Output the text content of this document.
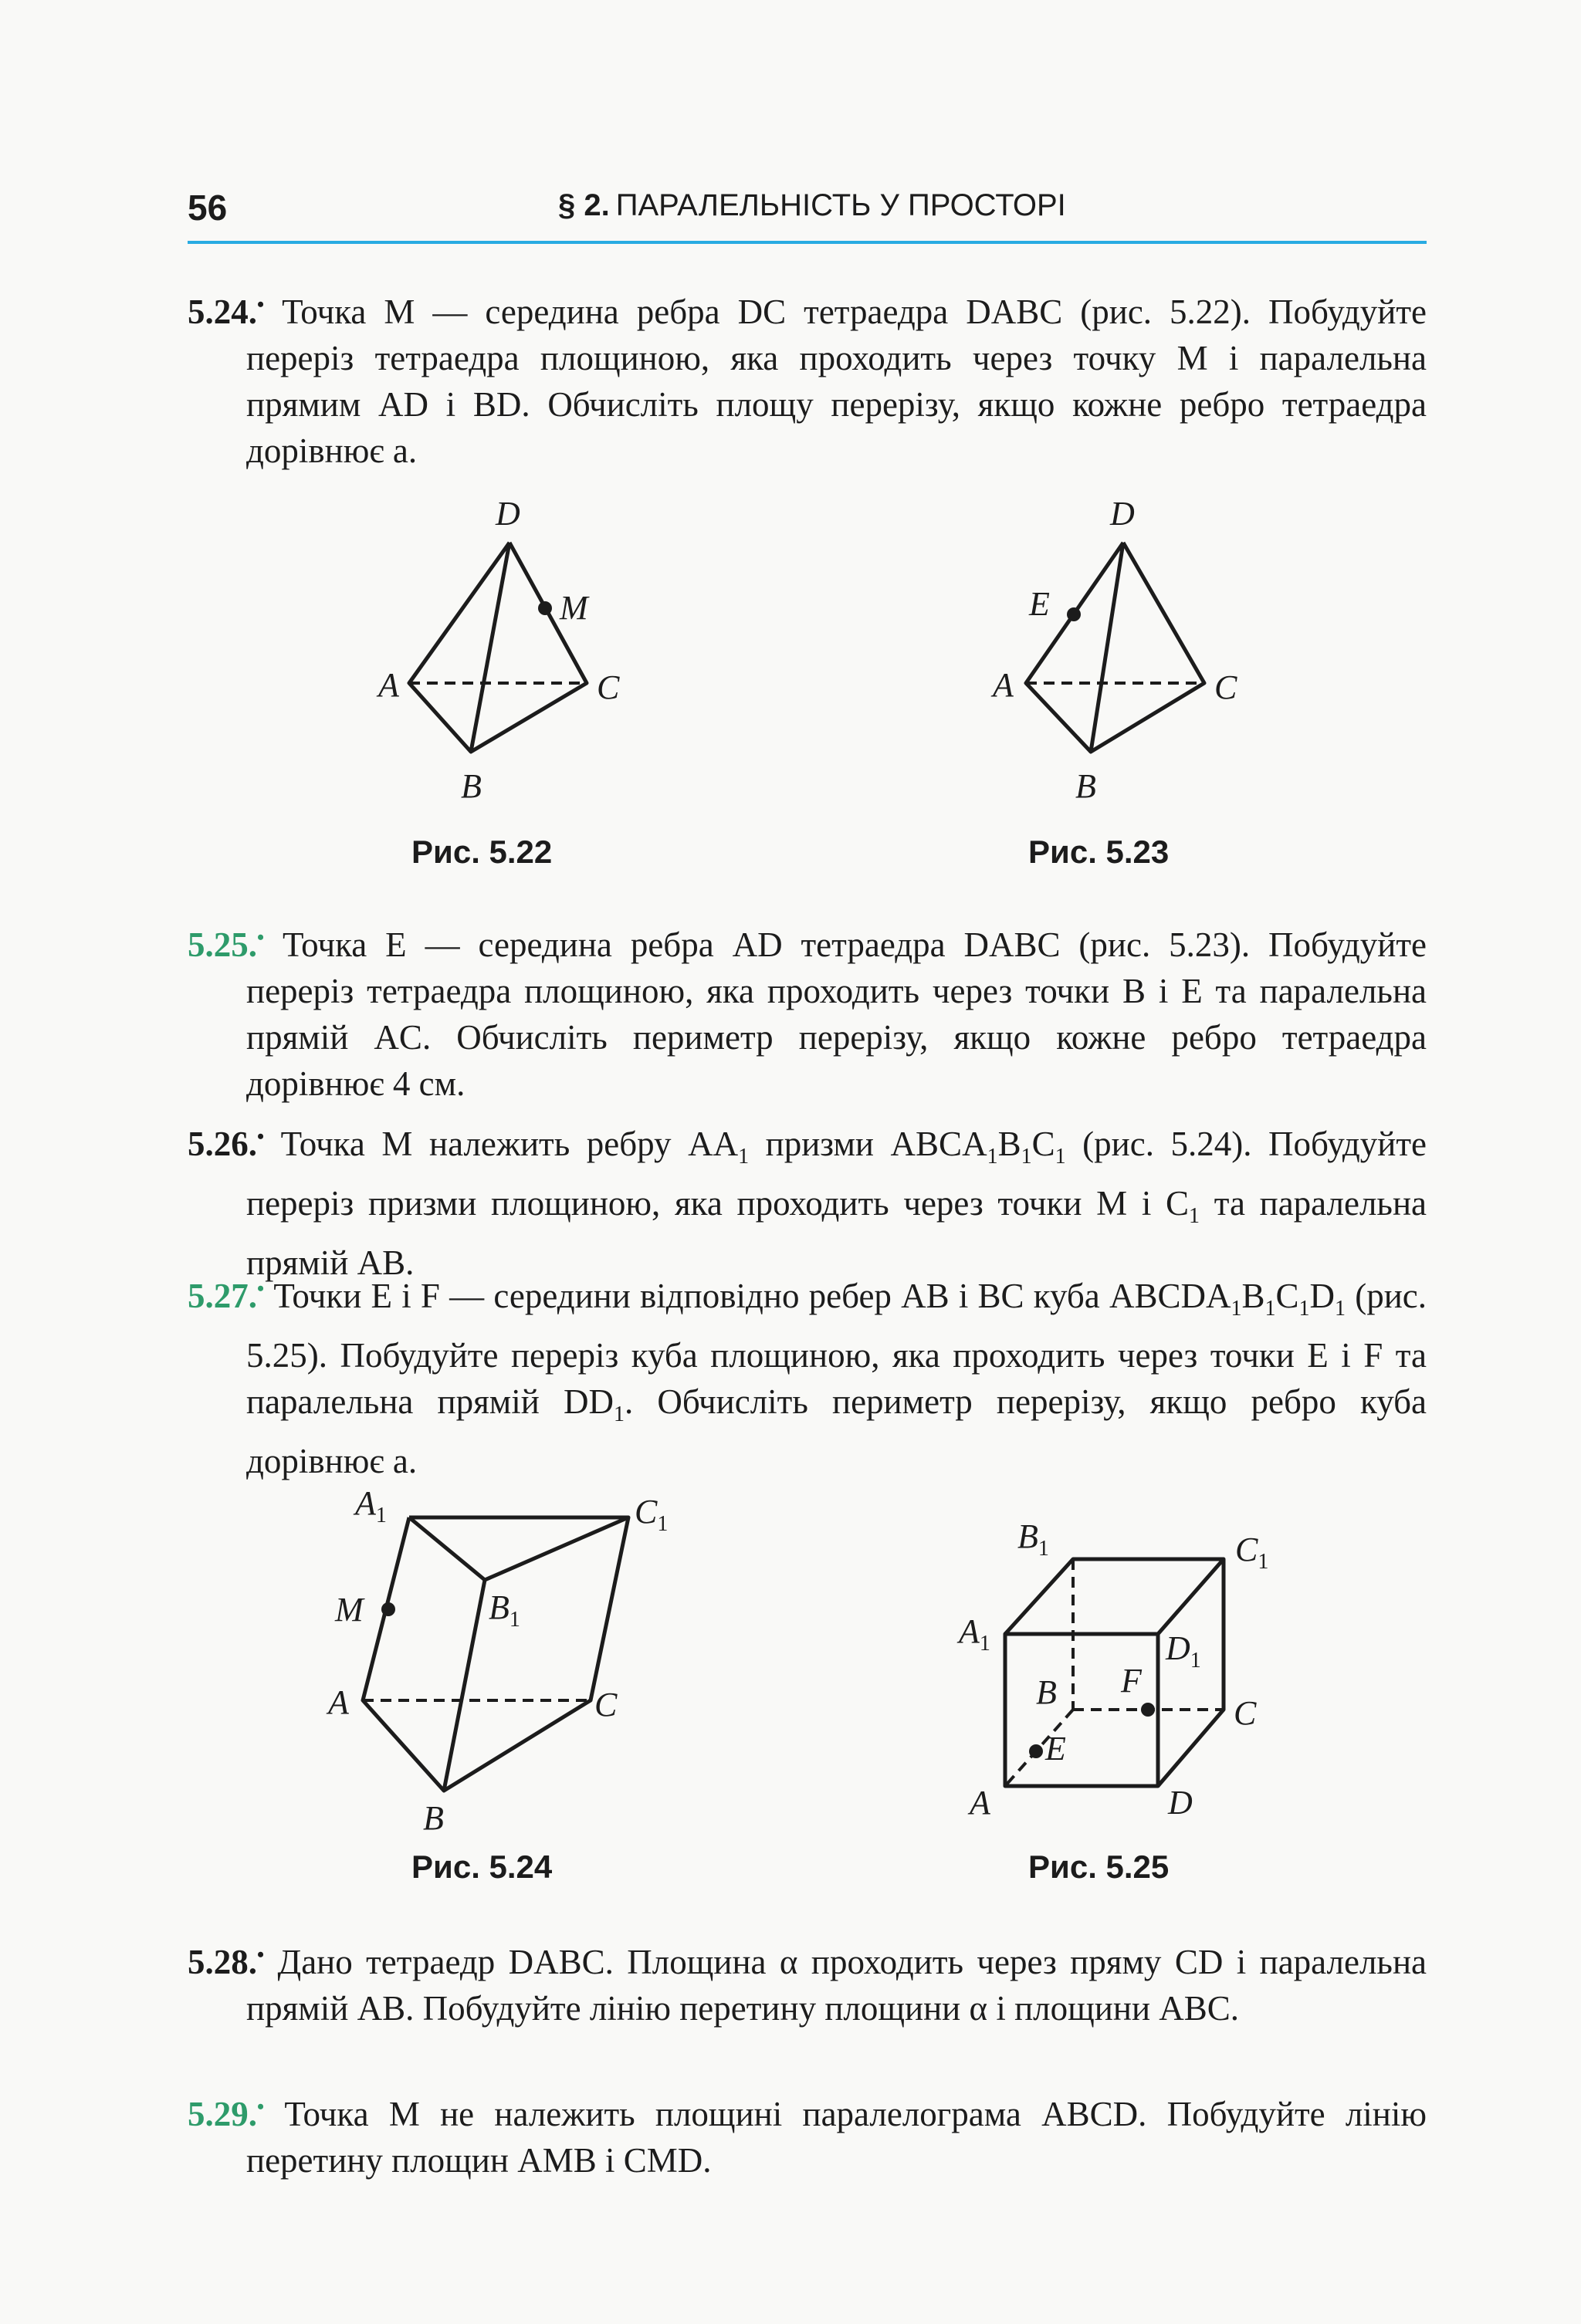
56	§ 2. ПАРАЛЕЛЬНІСТЬ У ПРОСТОРІ

5.24.• Точка M — середина ребра DC тетраедра DABC (рис. 5.22). Побудуйте переріз тетраедра площиною, яка проходить через точку M і паралельна прямим AD і BD. Обчисліть площу перерізу, якщо кожне ребро тетраедра дорівнює a.

D
M
A	C
B
Рис. 5.22
D
E
A	C
B
Рис. 5.23

5.25.• Точка E — середина ребра AD тетраедра DABC (рис. 5.23). Побудуйте переріз тетраедра площиною, яка проходить через точки B і E та паралельна прямій AC. Обчисліть периметр перерізу, якщо кожне ребро тетраедра дорівнює 4 см.

5.26.• Точка M належить ребру $AA_1$ призми $ABCA_1B_1C_1$ (рис. 5.24). Побудуйте переріз призми площиною, яка проходить через точки M і $C_1$ та паралельна прямій AB.

5.27.• Точки E і F — середини відповідно ребер AB і BC куба $ABCDA_1B_1C_1D_1$ (рис. 5.25). Побудуйте переріз куба площиною, яка проходить через точки E і F та паралельна прямій $DD_1$. Обчисліть периметр перерізу, якщо ребро куба дорівнює a.

$A_1$	$C_1$
M	$B_1$
A	C
B
Рис. 5.24
$B_1$	$C_1$
$A_1$	$D_1$
B F
C
E
A	D
Рис. 5.25

5.28.• Дано тетраедр DABC. Площина α проходить через пряму CD і паралельна прямій AB. Побудуйте лінію перетину площини α і площини ABC.

5.29.• Точка M не належить площині паралелограма ABCD. Побудуйте лінію перетину площин AMB і CMD.
